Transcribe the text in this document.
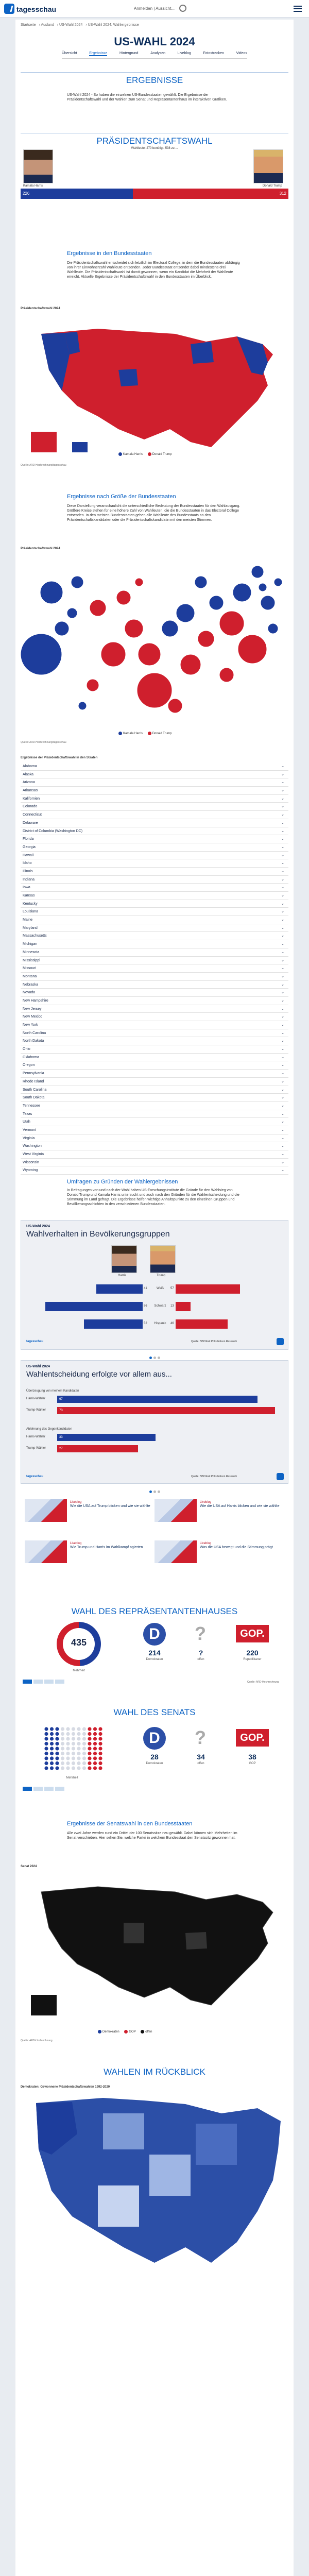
tagesschau	Anmelden | Aussicht...
Startseite › Ausland › US-Wahl 2024 › US-Wahl 2024: Wahlergebnisse
US-WAHL 2024
Übersicht	Ergebnisse	Hintergrund	Analysen	Liveblog	Fotostrecken	Videos
ERGEBNISSE
US-Wahl 2024 - So haben die einzelnen US-Bundesstaaten gewählt. Die Ergebnisse der Präsidentschaftswahl und der Wahlen zum Senat und Repräsentantenhaus im interaktiven Grafiken.
PRÄSIDENTSCHAFTSWAHL
Wahlleute: 270 benötigt, 538 zu ...
Kamala Harris	Donald Trump
226	312
Ergebnisse in den Bundesstaaten
Die Präsidentschaftswahl entscheidet sich letztlich im Electoral College, in dem die Bundesstaaten abhängig von ihrer Einwohnerzahl Wahlleute entsenden. Jeder Bundesstaat entsendet dabei mindestens drei Wahlleute. Die Präsidentschaftswahl ist damit gewonnen, wenn ein Kandidat die Mehrheit der Wahlleute erreicht. Aktuelle Ergebnisse der Präsidentschaftswahl in den Bundesstaaten im Überblick.
Präsidentschaftswahl 2024
Kamala Harris	Donald Trump
Quelle: ARD-Hochrechnung/tagesschau
Ergebnisse nach Größe der Bundesstaaten
Diese Darstellung veranschaulicht die unterschiedliche Bedeutung der Bundesstaaten für den Wahlausgang. Größere Kreise stehen für eine höhere Zahl von Wahlleuten, die die Bundesstaaten in das Electoral College entsenden. In den meisten Bundesstaaten gehen alle Wahlleute des Bundesstaats an den Präsidentschaftskandidaten oder die Präsidentschaftskandidatin mit den meisten Stimmen.
Präsidentschaftswahl 2024
Kamala Harris	Donald Trump
Quelle: ARD-Hochrechnung/tagesschau
Ergebnisse der Präsidentschaftswahl in den Staaten
Alabama	⌄
Alaska	⌄
Arizona	⌄
Arkansas	⌄
Kalifornien	⌄
Colorado	⌄
Connecticut	⌄
Delaware	⌄
District of Columbia (Washington DC)	⌄
Florida	⌄
Georgia	⌄
Hawaii	⌄
Idaho	⌄
Illinois	⌄
Indiana	⌄
Iowa	⌄
Kansas	⌄
Kentucky	⌄
Louisiana	⌄
Maine	⌄
Maryland	⌄
Massachusetts	⌄
Michigan	⌄
Minnesota	⌄
Mississippi	⌄
Missouri	⌄
Montana	⌄
Nebraska	⌄
Nevada	⌄
New Hampshire	⌄
New Jersey	⌄
New Mexico	⌄
New York	⌄
North Carolina	⌄
North Dakota	⌄
Ohio	⌄
Oklahoma	⌄
Oregon	⌄
Pennsylvania	⌄
Rhode Island	⌄
South Carolina	⌄
South Dakota	⌄
Tennessee	⌄
Texas	⌄
Utah	⌄
Vermont	⌄
Virginia	⌄
Washington	⌄
West Virginia	⌄
Wisconsin	⌄
Wyoming	⌄
Umfragen zu Gründen der Wahlergebnissen
In Befragungen von und nach der Wahl haben US-Forschungsinstitute die Gründe für den Wahlsieg von Donald Trump und Kamala Harris untersucht und auch nach den Gründen für die Wahlentscheidung und die Stimmung im Land gefragt. Die Ergebnisse helfen wichtige Anhaltspunkte zu den einzelnen Gruppen und Bevölkerungsschichten in den verschiedenen Bundesstaaten.
US-Wahl 2024
Wahlverhalten in Bevölkerungsgruppen
Harris	Trump
Weiß
41	57
Schwarz
86	13
Hispanic
52	46
tagesschau	Quelle: NBC/Exit Polls Edison Research
US-Wahl 2024
Wahlentscheidung erfolgte vor allem aus...
Überzeugung von meinem Kandidaten
Ablehnung des Gegenkandidaten
Harris-Wähler	67
Trump-Wähler	73
Harris-Wähler	33
Trump-Wähler	27
tagesschau	Quelle: NBC/Exit Polls Edison Research
Liveblog
Wie die USA auf Trump blicken und wie sie wählte
Liveblog
Wie die USA auf Harris blicken und wie sie wählte
Liveblog
Wie Trump und Harris im Wahlkampf agierten
Liveblog
Was die USA bewegt und die Stimmung prägt
WAHL DES REPRÄSENTANTENHAUSES
435
Mehrheit
D
214
Demokraten
?
?
offen
GOP.
220
Republikaner
Quelle: ARD-Hochrechnung
WAHL DES SENATS
Mehrheit
D
28
Demokraten
?
34
offen
GOP.
38
GOP
Ergebnisse der Senatswahl in den Bundesstaaten
Alle zwei Jahre werden rund ein Drittel der 100 Senatssitze neu gewählt. Dabei können sich Mehrheiten im Senat verschieben. Hier sehen Sie, welche Partei in welchem Bundesstaat den Senatssitz gewonnen hat.
Senat 2024
Demokraten	GOP	offen
Quelle: ARD-Hochrechnung
WAHLEN IM RÜCKBLICK
Demokraten: Gewonnene Präsidentschaftswahlen 1992-2020
